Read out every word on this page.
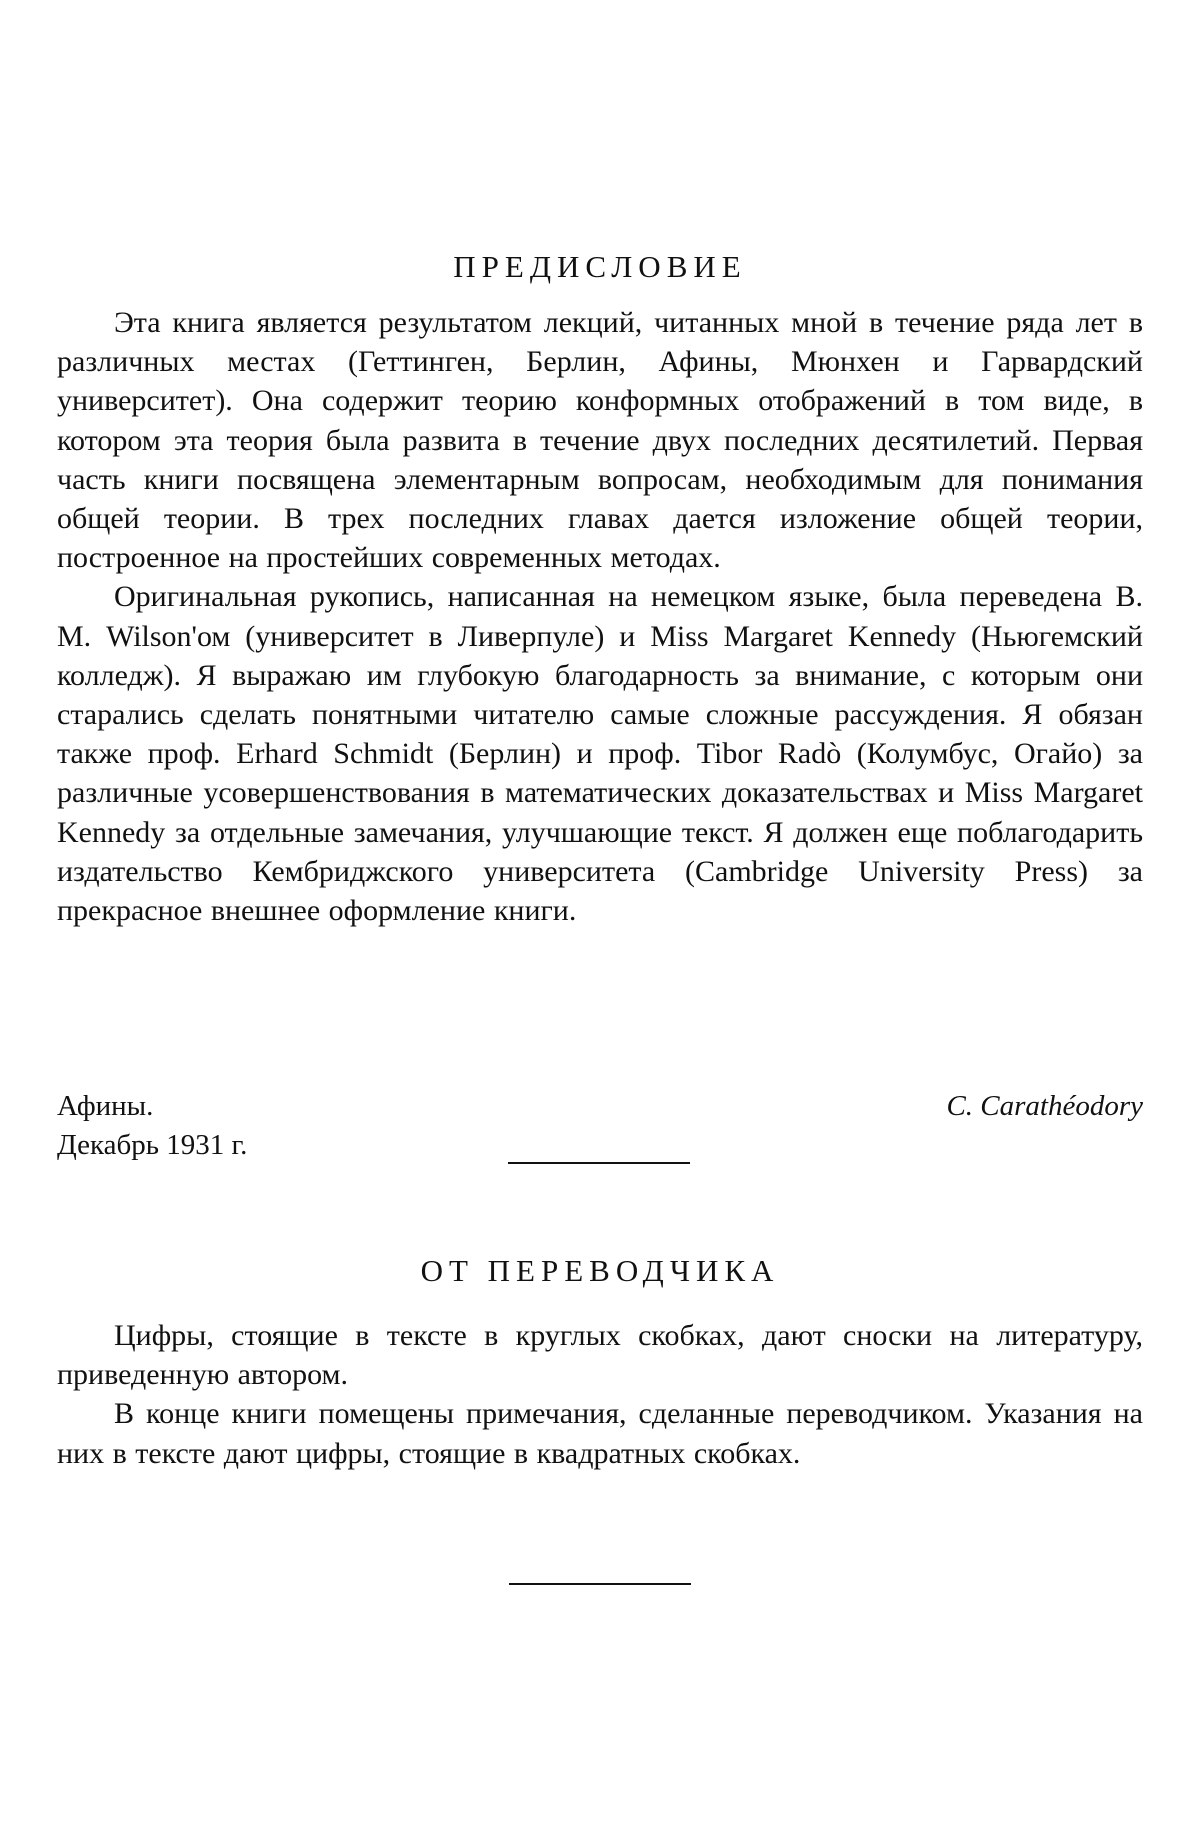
ПРЕДИСЛОВИЕ

Эта книга является результатом лекций, читанных мной в течение ряда лет в различных местах (Геттинген, Берлин, Афины, Мюнхен и Гарвардский университет). Она содержит теорию конформных отображений в том виде, в котором эта теория была развита в течение двух последних десятилетий. Первая часть книги посвящена элементарным вопросам, необходимым для понимания общей теории. В трех последних главах дается изложение общей теории, построенное на простейших современных методах.

Оригинальная рукопись, написанная на немецком языке, была переведена В. М. Wilson'ом (университет в Ливерпуле) и Miss Margaret Kennedy (Ньюгемский колледж). Я выражаю им глубокую благодарность за внимание, с которым они старались сделать понятными читателю самые сложные рассуждения. Я обязан также проф. Erhard Schmidt (Берлин) и проф. Tibor Radò (Колумбус, Огайо) за различные усовершенствования в математических доказательствах и Miss Margaret Kennedy за отдельные замечания, улучшающие текст. Я должен еще поблагодарить издательство Кембриджского университета (Cambridge University Press) за прекрасное внешнее оформление книги.

Афины.	C. Carathéodory
Декабрь 1931 г.
ОТ ПЕРЕВОДЧИКА

Цифры, стоящие в тексте в круглых скобках, дают сноски на литературу, приведенную автором.

В конце книги помещены примечания, сделанные переводчиком. Указания на них в тексте дают цифры, стоящие в квадратных скобках.
